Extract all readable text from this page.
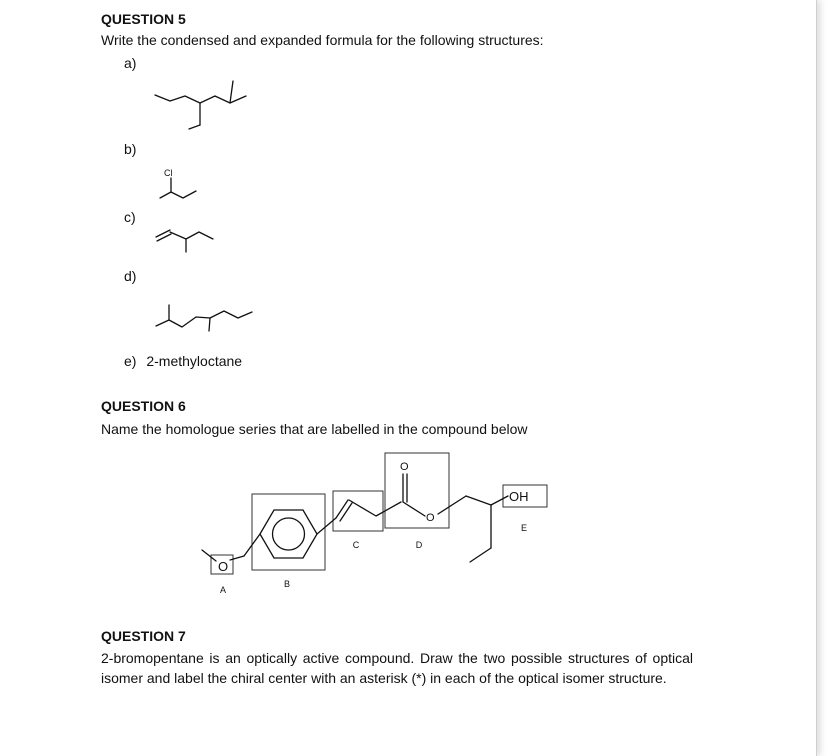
QUESTION 5
Write the condensed and expanded formula for the following structures:
a)
b)
Cl
c)
d)
e) 2-methyloctane
QUESTION 6
Name the homologue series that are labelled in the compound below
O
O
O
OH
A
B
C	D
E
QUESTION 7
2-bromopentane is an optically active compound. Draw the two possible structures of optical isomer and label the chiral center with an asterisk (*) in each of the optical isomer structure.
